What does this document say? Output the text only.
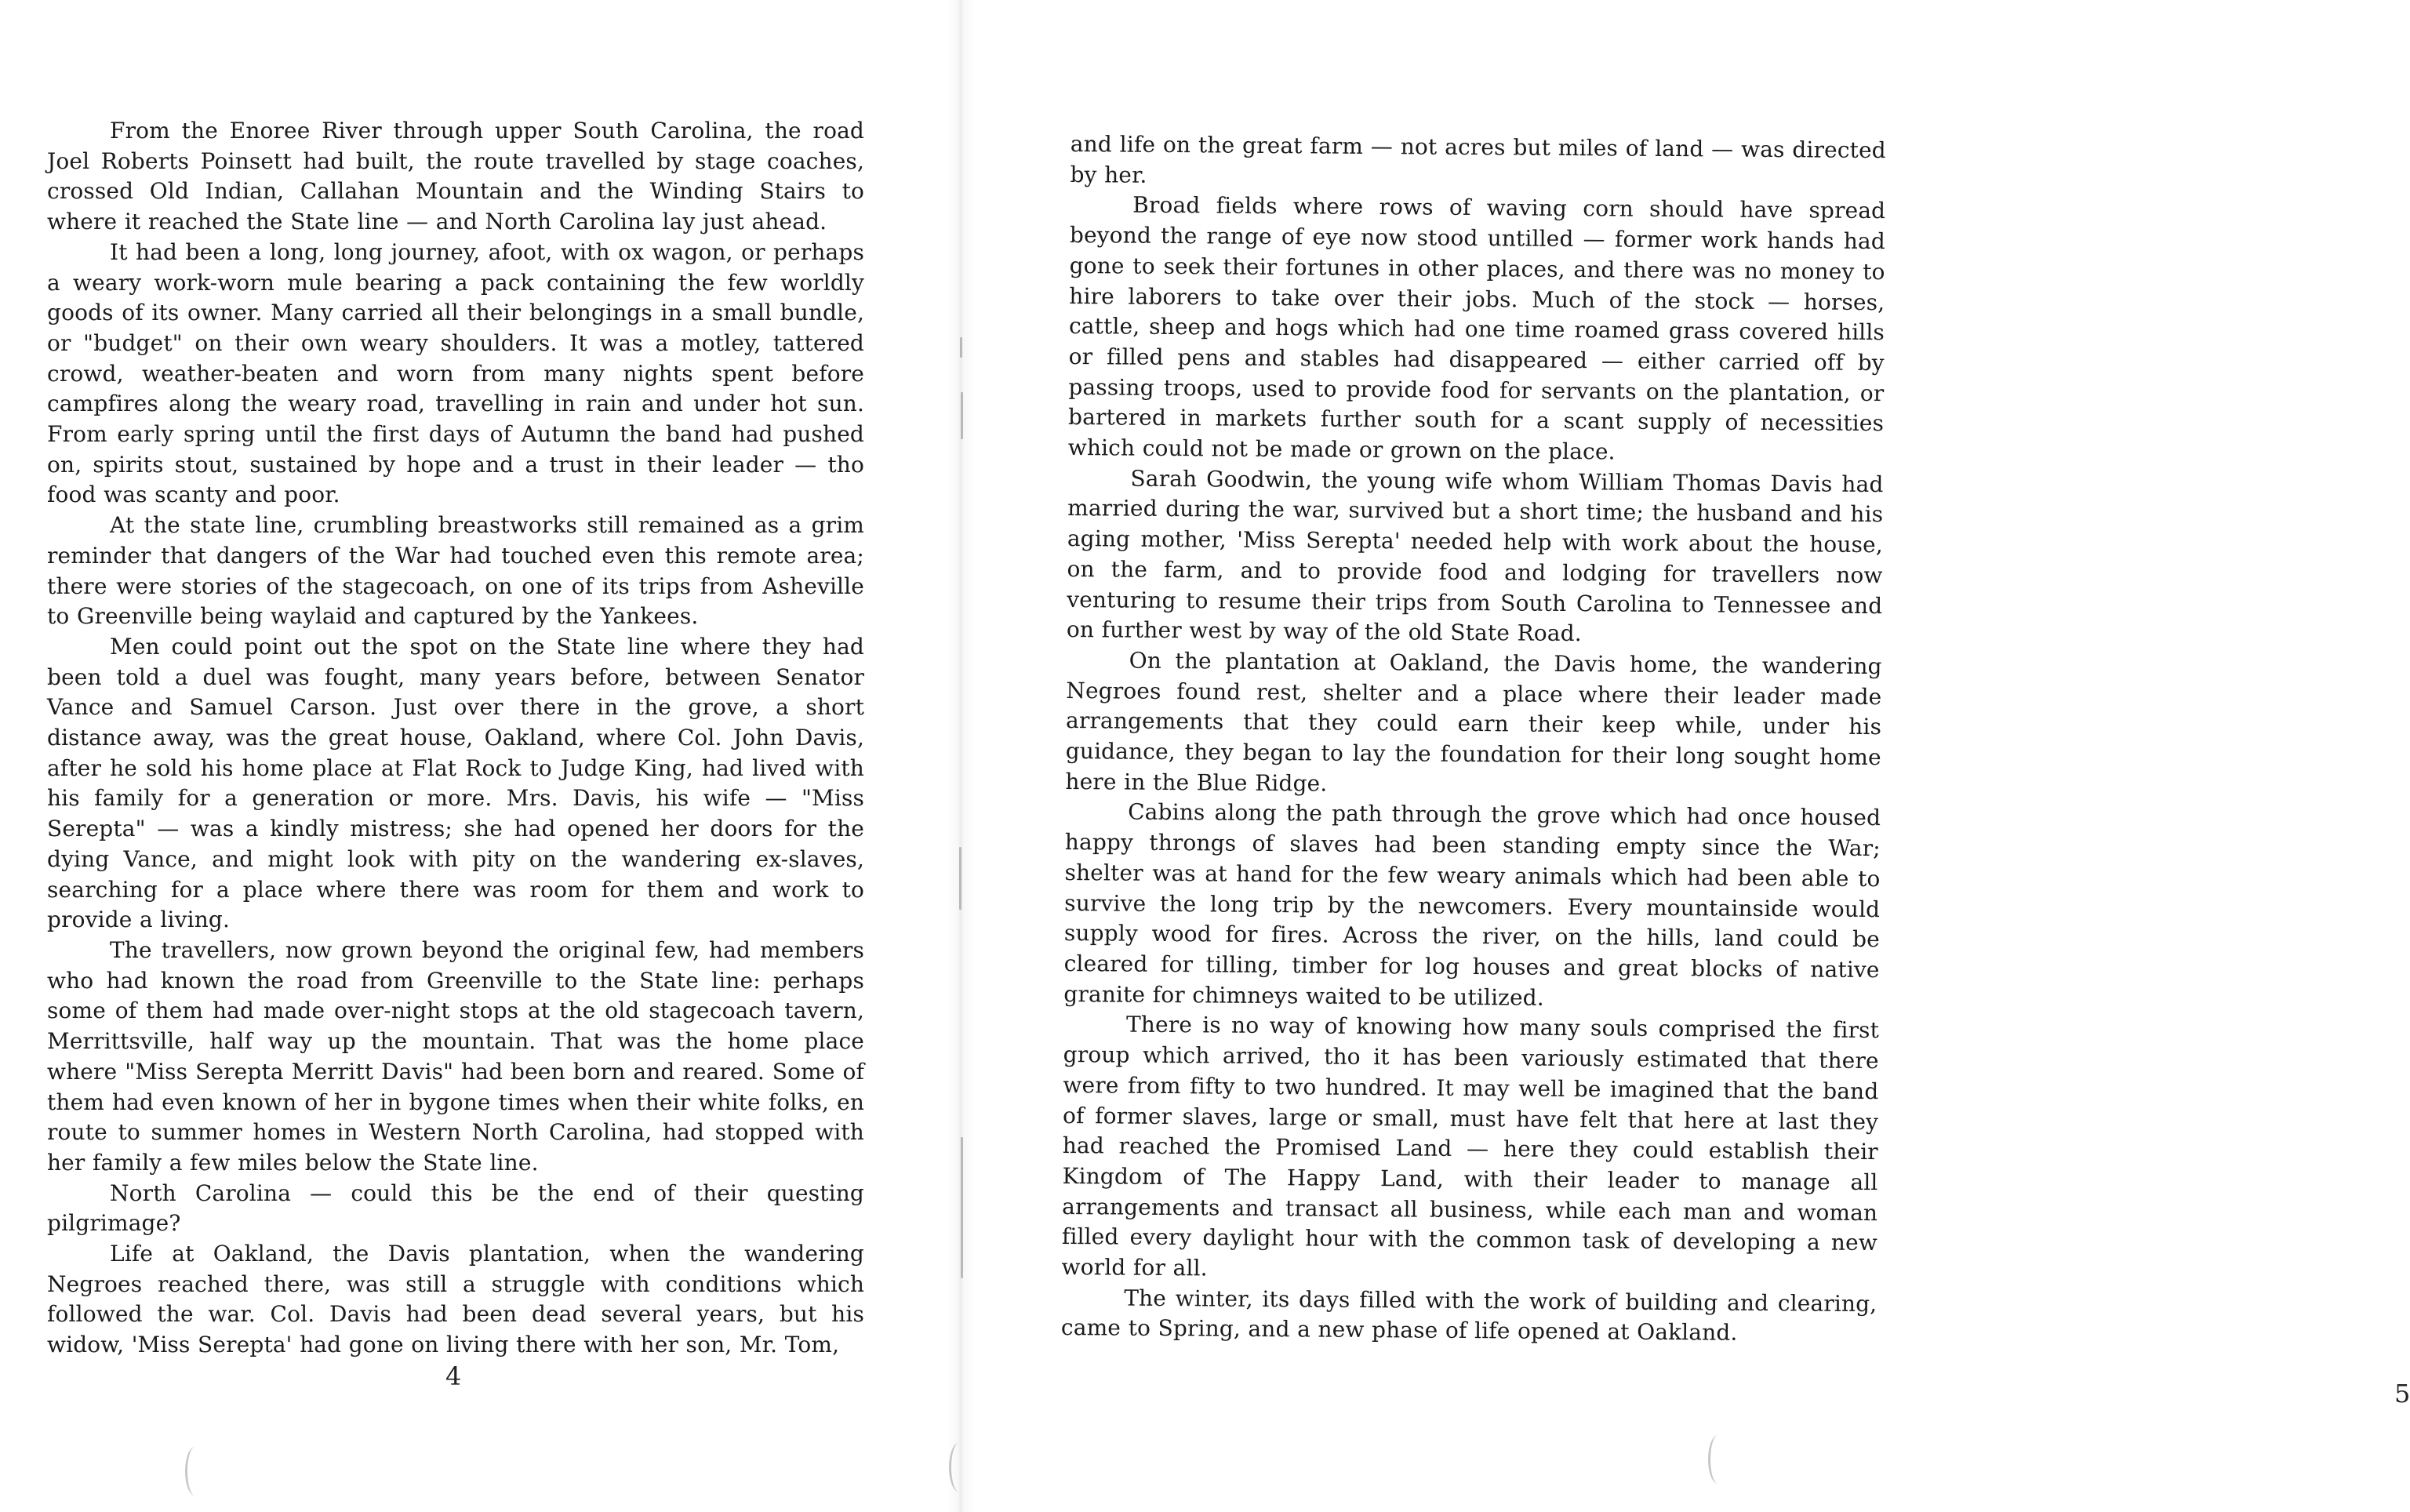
From the Enoree River through upper South Carolina, the road Joel Roberts Poinsett had built, the route travelled by stage coaches, crossed Old Indian, Callahan Mountain and the Winding Stairs to where it reached the State line — and North Carolina lay just ahead.

It had been a long, long journey, afoot, with ox wagon, or perhaps a weary work-worn mule bearing a pack containing the few worldly goods of its owner. Many carried all their belongings in a small bundle, or "budget" on their own weary shoulders. It was a motley, tattered crowd, weather-beaten and worn from many nights spent before campfires along the weary road, travelling in rain and under hot sun. From early spring until the first days of Autumn the band had pushed on, spirits stout, sustained by hope and a trust in their leader — tho food was scanty and poor.

At the state line, crumbling breastworks still remained as a grim reminder that dangers of the War had touched even this remote area; there were stories of the stagecoach, on one of its trips from Asheville to Greenville being waylaid and captured by the Yankees.

Men could point out the spot on the State line where they had been told a duel was fought, many years before, between Senator Vance and Samuel Carson. Just over there in the grove, a short distance away, was the great house, Oakland, where Col. John Davis, after he sold his home place at Flat Rock to Judge King, had lived with his family for a generation or more. Mrs. Davis, his wife — "Miss Serepta" — was a kindly mistress; she had opened her doors for the dying Vance, and might look with pity on the wandering ex-slaves, searching for a place where there was room for them and work to provide a living.

The travellers, now grown beyond the original few, had members who had known the road from Greenville to the State line: perhaps some of them had made over-night stops at the old stagecoach tavern, Merrittsville, half way up the mountain. That was the home place where "Miss Serepta Merritt Davis" had been born and reared. Some of them had even known of her in bygone times when their white folks, en route to summer homes in Western North Carolina, had stopped with her family a few miles below the State line.

North Carolina — could this be the end of their questing pilgrimage?

Life at Oakland, the Davis plantation, when the wandering Negroes reached there, was still a struggle with conditions which followed the war. Col. Davis had been dead several years, but his widow, 'Miss Serepta' had gone on living there with her son, Mr. Tom,

4

and life on the great farm — not acres but miles of land — was directed by her.

Broad fields where rows of waving corn should have spread beyond the range of eye now stood untilled — former work hands had gone to seek their fortunes in other places, and there was no money to hire laborers to take over their jobs. Much of the stock — horses, cattle, sheep and hogs which had one time roamed grass covered hills or filled pens and stables had disappeared — either carried off by passing troops, used to provide food for servants on the plantation, or bartered in markets further south for a scant supply of necessities which could not be made or grown on the place.

Sarah Goodwin, the young wife whom William Thomas Davis had married during the war, survived but a short time; the husband and his aging mother, 'Miss Serepta' needed help with work about the house, on the farm, and to provide food and lodging for travellers now venturing to resume their trips from South Carolina to Tennessee and on further west by way of the old State Road.

On the plantation at Oakland, the Davis home, the wandering Negroes found rest, shelter and a place where their leader made arrangements that they could earn their keep while, under his guidance, they began to lay the foundation for their long sought home here in the Blue Ridge.

Cabins along the path through the grove which had once housed happy throngs of slaves had been standing empty since the War; shelter was at hand for the few weary animals which had been able to survive the long trip by the newcomers. Every mountainside would supply wood for fires. Across the river, on the hills, land could be cleared for tilling, timber for log houses and great blocks of native granite for chimneys waited to be utilized.

There is no way of knowing how many souls comprised the first group which arrived, tho it has been variously estimated that there were from fifty to two hundred. It may well be imagined that the band of former slaves, large or small, must have felt that here at last they had reached the Promised Land — here they could establish their Kingdom of The Happy Land, with their leader to manage all arrangements and transact all business, while each man and woman filled every daylight hour with the common task of developing a new world for all.

The winter, its days filled with the work of building and clearing, came to Spring, and a new phase of life opened at Oakland.

5
